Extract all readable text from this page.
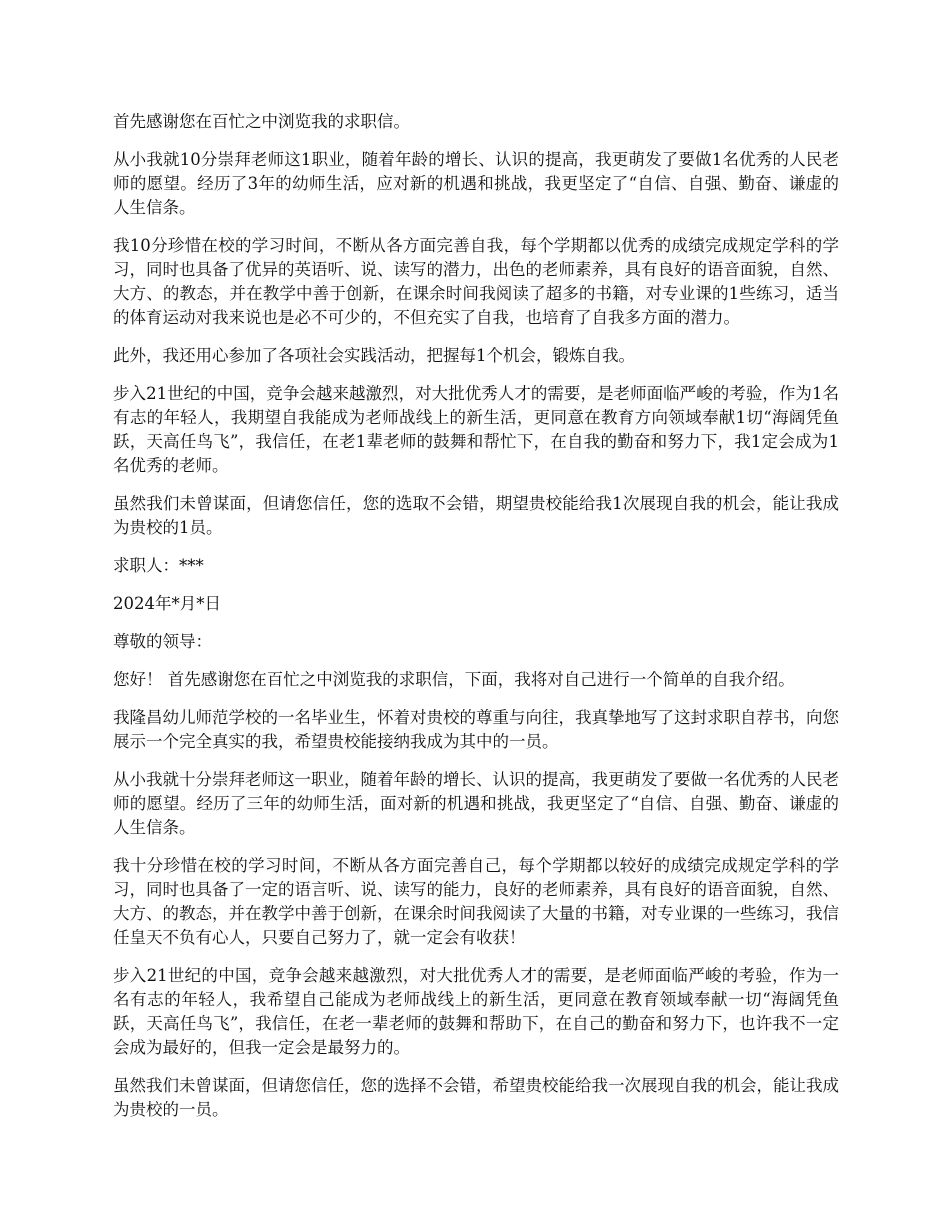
首先感谢您在百忙之中浏览我的求职信。

从小我就10分崇拜老师这1职业，随着年龄的增长、认识的提高，我更萌发了要做1名优秀的人民老师的愿望。经历了3年的幼师生活，应对新的机遇和挑战，我更坚定了“自信、自强、勤奋、谦虚的人生信条。

我10分珍惜在校的学习时间，不断从各方面完善自我，每个学期都以优秀的成绩完成规定学科的学习，同时也具备了优异的英语听、说、读写的潜力，出色的老师素养，具有良好的语音面貌，自然、大方、的教态，并在教学中善于创新，在课余时间我阅读了超多的书籍，对专业课的1些练习，适当的体育运动对我来说也是必不可少的，不但充实了自我，也培育了自我多方面的潜力。

此外，我还用心参加了各项社会实践活动，把握每1个机会，锻炼自我。

步入21世纪的中国，竞争会越来越激烈，对大批优秀人才的需要，是老师面临严峻的考验，作为1名有志的年轻人，我期望自我能成为老师战线上的新生活，更同意在教育方向领域奉献1切“海阔凭鱼跃，天高任鸟飞”，我信任，在老1辈老师的鼓舞和帮忙下，在自我的勤奋和努力下，我1定会成为1名优秀的老师。

虽然我们未曾谋面，但请您信任，您的选取不会错，期望贵校能给我1次展现自我的机会，能让我成为贵校的1员。

求职人：***

2024年*月*日

尊敬的领导：

您好！ 首先感谢您在百忙之中浏览我的求职信，下面，我将对自己进行一个简单的自我介绍。

我隆昌幼儿师范学校的一名毕业生，怀着对贵校的尊重与向往，我真挚地写了这封求职自荐书，向您展示一个完全真实的我，希望贵校能接纳我成为其中的一员。

从小我就十分崇拜老师这一职业，随着年龄的增长、认识的提高，我更萌发了要做一名优秀的人民老师的愿望。经历了三年的幼师生活，面对新的机遇和挑战，我更坚定了“自信、自强、勤奋、谦虚的人生信条。

我十分珍惜在校的学习时间，不断从各方面完善自己，每个学期都以较好的成绩完成规定学科的学习，同时也具备了一定的语言听、说、读写的能力，良好的老师素养，具有良好的语音面貌，自然、大方、的教态，并在教学中善于创新，在课余时间我阅读了大量的书籍，对专业课的一些练习，我信任皇天不负有心人，只要自己努力了，就一定会有收获！

步入21世纪的中国，竞争会越来越激烈，对大批优秀人才的需要，是老师面临严峻的考验，作为一名有志的年轻人，我希望自己能成为老师战线上的新生活，更同意在教育领域奉献一切“海阔凭鱼跃，天高任鸟飞”，我信任，在老一辈老师的鼓舞和帮助下，在自己的勤奋和努力下，也许我不一定会成为最好的，但我一定会是最努力的。

虽然我们未曾谋面，但请您信任，您的选择不会错，希望贵校能给我一次展现自我的机会，能让我成为贵校的一员。
